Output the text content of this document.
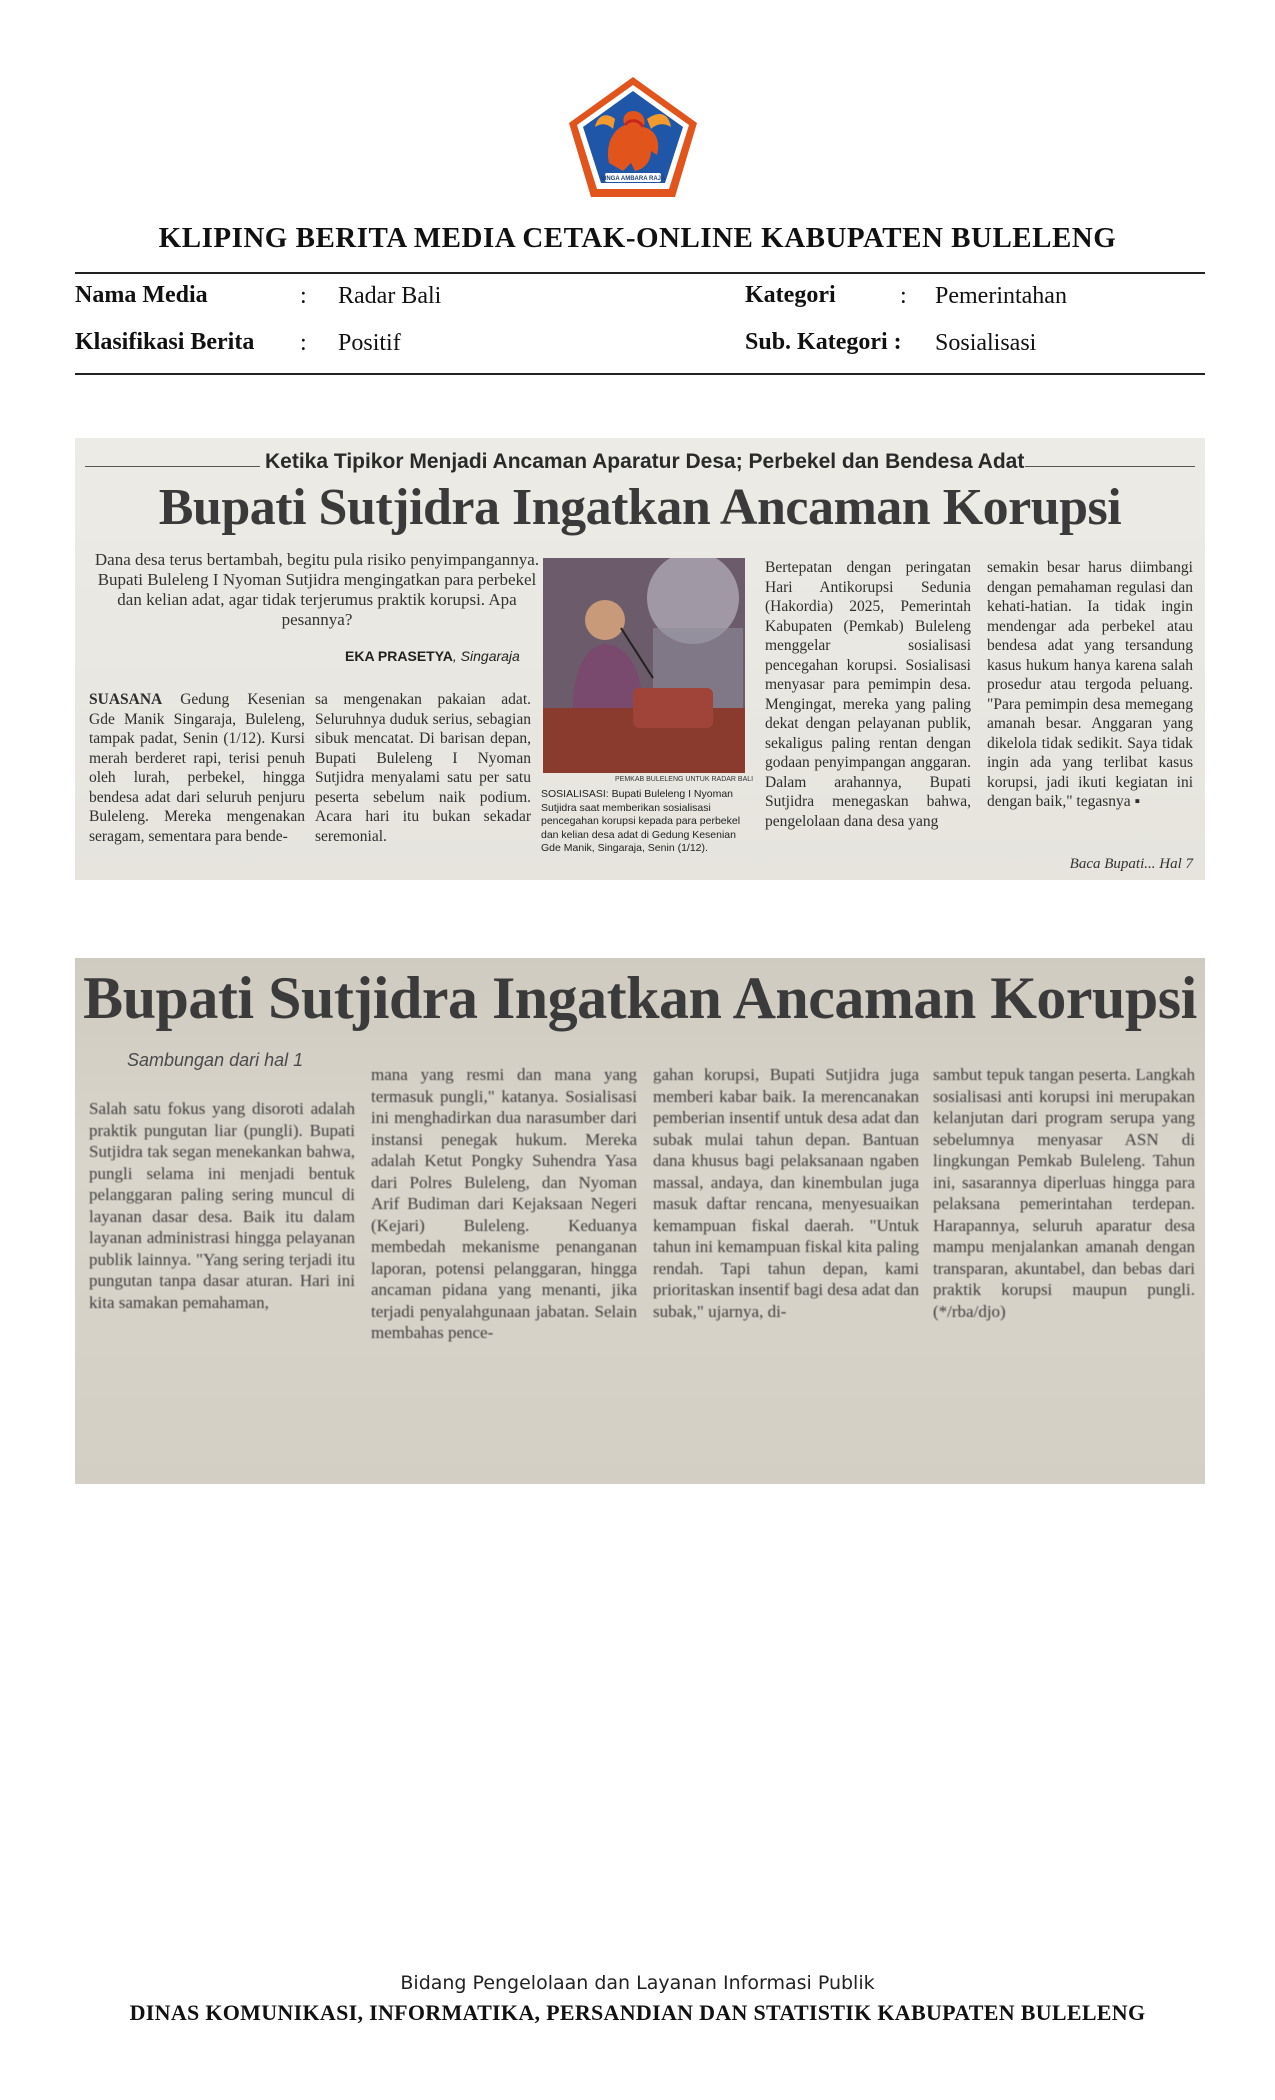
SINGA AMBARA RAJA
KLIPING BERITA MEDIA CETAK-ONLINE KABUPATEN BULELENG
Nama Media	: Radar Bali
Klasifikasi Berita : Positif
Kategori	: Pemerintahan
Sub. Kategori : Sosialisasi
Ketika Tipikor Menjadi Ancaman Aparatur Desa; Perbekel dan Bendesa Adat
Bupati Sutjidra Ingatkan Ancaman Korupsi
Dana desa terus bertambah, begitu pula risiko penyimpangannya. Bupati Buleleng I Nyoman Sutjidra mengingatkan para perbekel dan kelian adat, agar tidak terjerumus praktik korupsi. Apa pesannya?
EKA PRASETYA, Singaraja
SUASANA Gedung Kesenian Gde Manik Singaraja, Buleleng, tampak padat, Senin (1/12). Kursi merah berderet rapi, terisi penuh oleh lurah, perbekel, hingga bendesa adat dari seluruh penjuru Buleleng. Mereka mengenakan seragam, sementara para bende-
sa mengenakan pakaian adat. Seluruhnya duduk serius, sebagian sibuk mencatat. Di barisan depan, Bupati Buleleng I Nyoman Sutjidra menyalami satu per satu peserta sebelum naik podium. Acara hari itu bukan sekadar seremonial.
PEMKAB BULELENG UNTUK RADAR BALI
SOSIALISASI: Bupati Buleleng I Nyoman Sutjidra saat memberikan sosialisasi pencegahan korupsi kepada para perbekel dan kelian desa adat di Gedung Kesenian Gde Manik, Singaraja, Senin (1/12).
Bertepatan dengan peringatan Hari Antikorupsi Sedunia (Hakordia) 2025, Pemerintah Kabupaten (Pemkab) Buleleng menggelar sosialisasi pencegahan korupsi. Sosialisasi menyasar para pemimpin desa. Mengingat, mereka yang paling dekat dengan pelayanan publik, sekaligus paling rentan dengan godaan penyimpangan anggaran. Dalam arahannya, Bupati Sutjidra menegaskan bahwa, pengelolaan dana desa yang
semakin besar harus diimbangi dengan pemahaman regulasi dan kehati-hatian. Ia tidak ingin mendengar ada perbekel atau bendesa adat yang tersandung kasus hukum hanya karena salah prosedur atau tergoda peluang. "Para pemimpin desa memegang amanah besar. Anggaran yang dikelola tidak sedikit. Saya tidak ingin ada yang terlibat kasus korupsi, jadi ikuti kegiatan ini dengan baik," tegasnya ▪
Baca Bupati... Hal 7
Bupati Sutjidra Ingatkan Ancaman Korupsi
Sambungan dari hal 1
Salah satu fokus yang disoroti adalah praktik pungutan liar (pungli). Bupati Sutjidra tak segan menekankan bahwa, pungli selama ini menjadi bentuk pelanggaran paling sering muncul di layanan dasar desa. Baik itu dalam layanan administrasi hingga pelayanan publik lainnya. "Yang sering terjadi itu pungutan tanpa dasar aturan. Hari ini kita samakan pemahaman,
mana yang resmi dan mana yang termasuk pungli," katanya. Sosialisasi ini menghadirkan dua narasumber dari instansi penegak hukum. Mereka adalah Ketut Pongky Suhendra Yasa dari Polres Buleleng, dan Nyoman Arif Budiman dari Kejaksaan Negeri (Kejari) Buleleng. Keduanya membedah mekanisme penanganan laporan, potensi pelanggaran, hingga ancaman pidana yang menanti, jika terjadi penyalahgunaan jabatan. Selain membahas pence-
gahan korupsi, Bupati Sutjidra juga memberi kabar baik. Ia merencanakan pemberian insentif untuk desa adat dan subak mulai tahun depan. Bantuan dana khusus bagi pelaksanaan ngaben massal, andaya, dan kinembulan juga masuk daftar rencana, menyesuaikan kemampuan fiskal daerah. "Untuk tahun ini kemampuan fiskal kita paling rendah. Tapi tahun depan, kami prioritaskan insentif bagi desa adat dan subak," ujarnya, di-
sambut tepuk tangan peserta. Langkah sosialisasi anti korupsi ini merupakan kelanjutan dari program serupa yang sebelumnya menyasar ASN di lingkungan Pemkab Buleleng. Tahun ini, sasarannya diperluas hingga para pelaksana pemerintahan terdepan. Harapannya, seluruh aparatur desa mampu menjalankan amanah dengan transparan, akuntabel, dan bebas dari praktik korupsi maupun pungli. (*/rba/djo)
Bidang Pengelolaan dan Layanan Informasi Publik
DINAS KOMUNIKASI, INFORMATIKA, PERSANDIAN DAN STATISTIK KABUPATEN BULELENG
